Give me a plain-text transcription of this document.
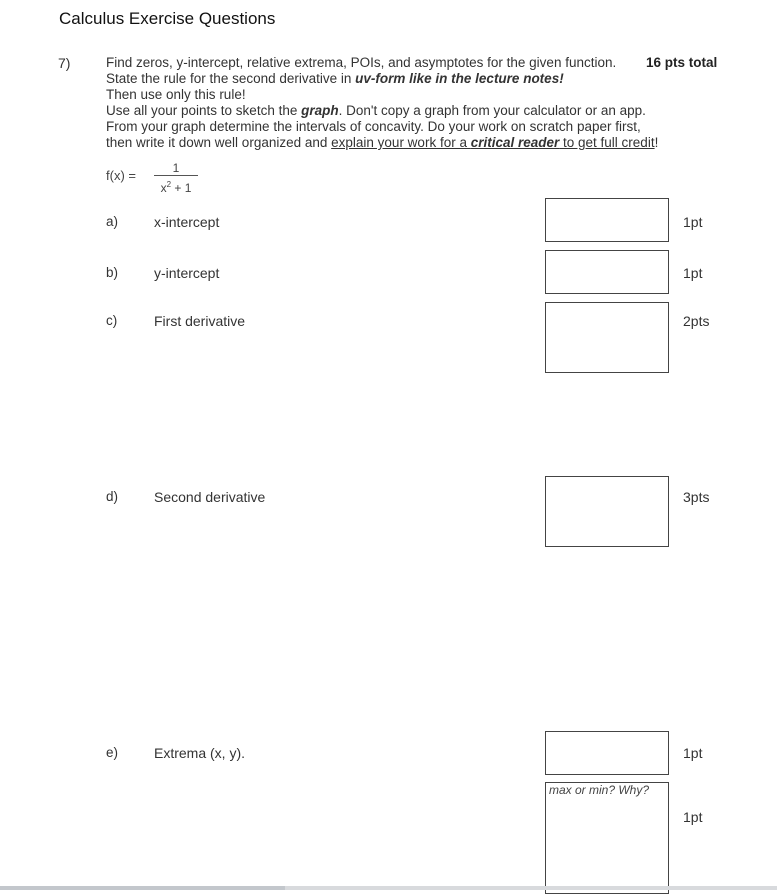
Calculus Exercise Questions
7)	16 pts total
Find zeros, y-intercept, relative extrema, POIs, and asymptotes for the given function.
State the rule for the second derivative in uv-form like in the lecture notes!
Then use only this rule!
Use all your points to sketch the graph. Don't copy a graph from your calculator or an app.
From your graph determine the intervals of concavity. Do your work on scratch paper first,
then write it down well organized and explain your work for a critical reader to get full credit!
f(x) =	1
$x^2 + 1$
a)	x-intercept	1pt
b)	y-intercept	1pt
c)	First derivative	2pts
d)	Second derivative	3pts
e)	Extrema (x, y).	1pt
max or min? Why?
1pt
